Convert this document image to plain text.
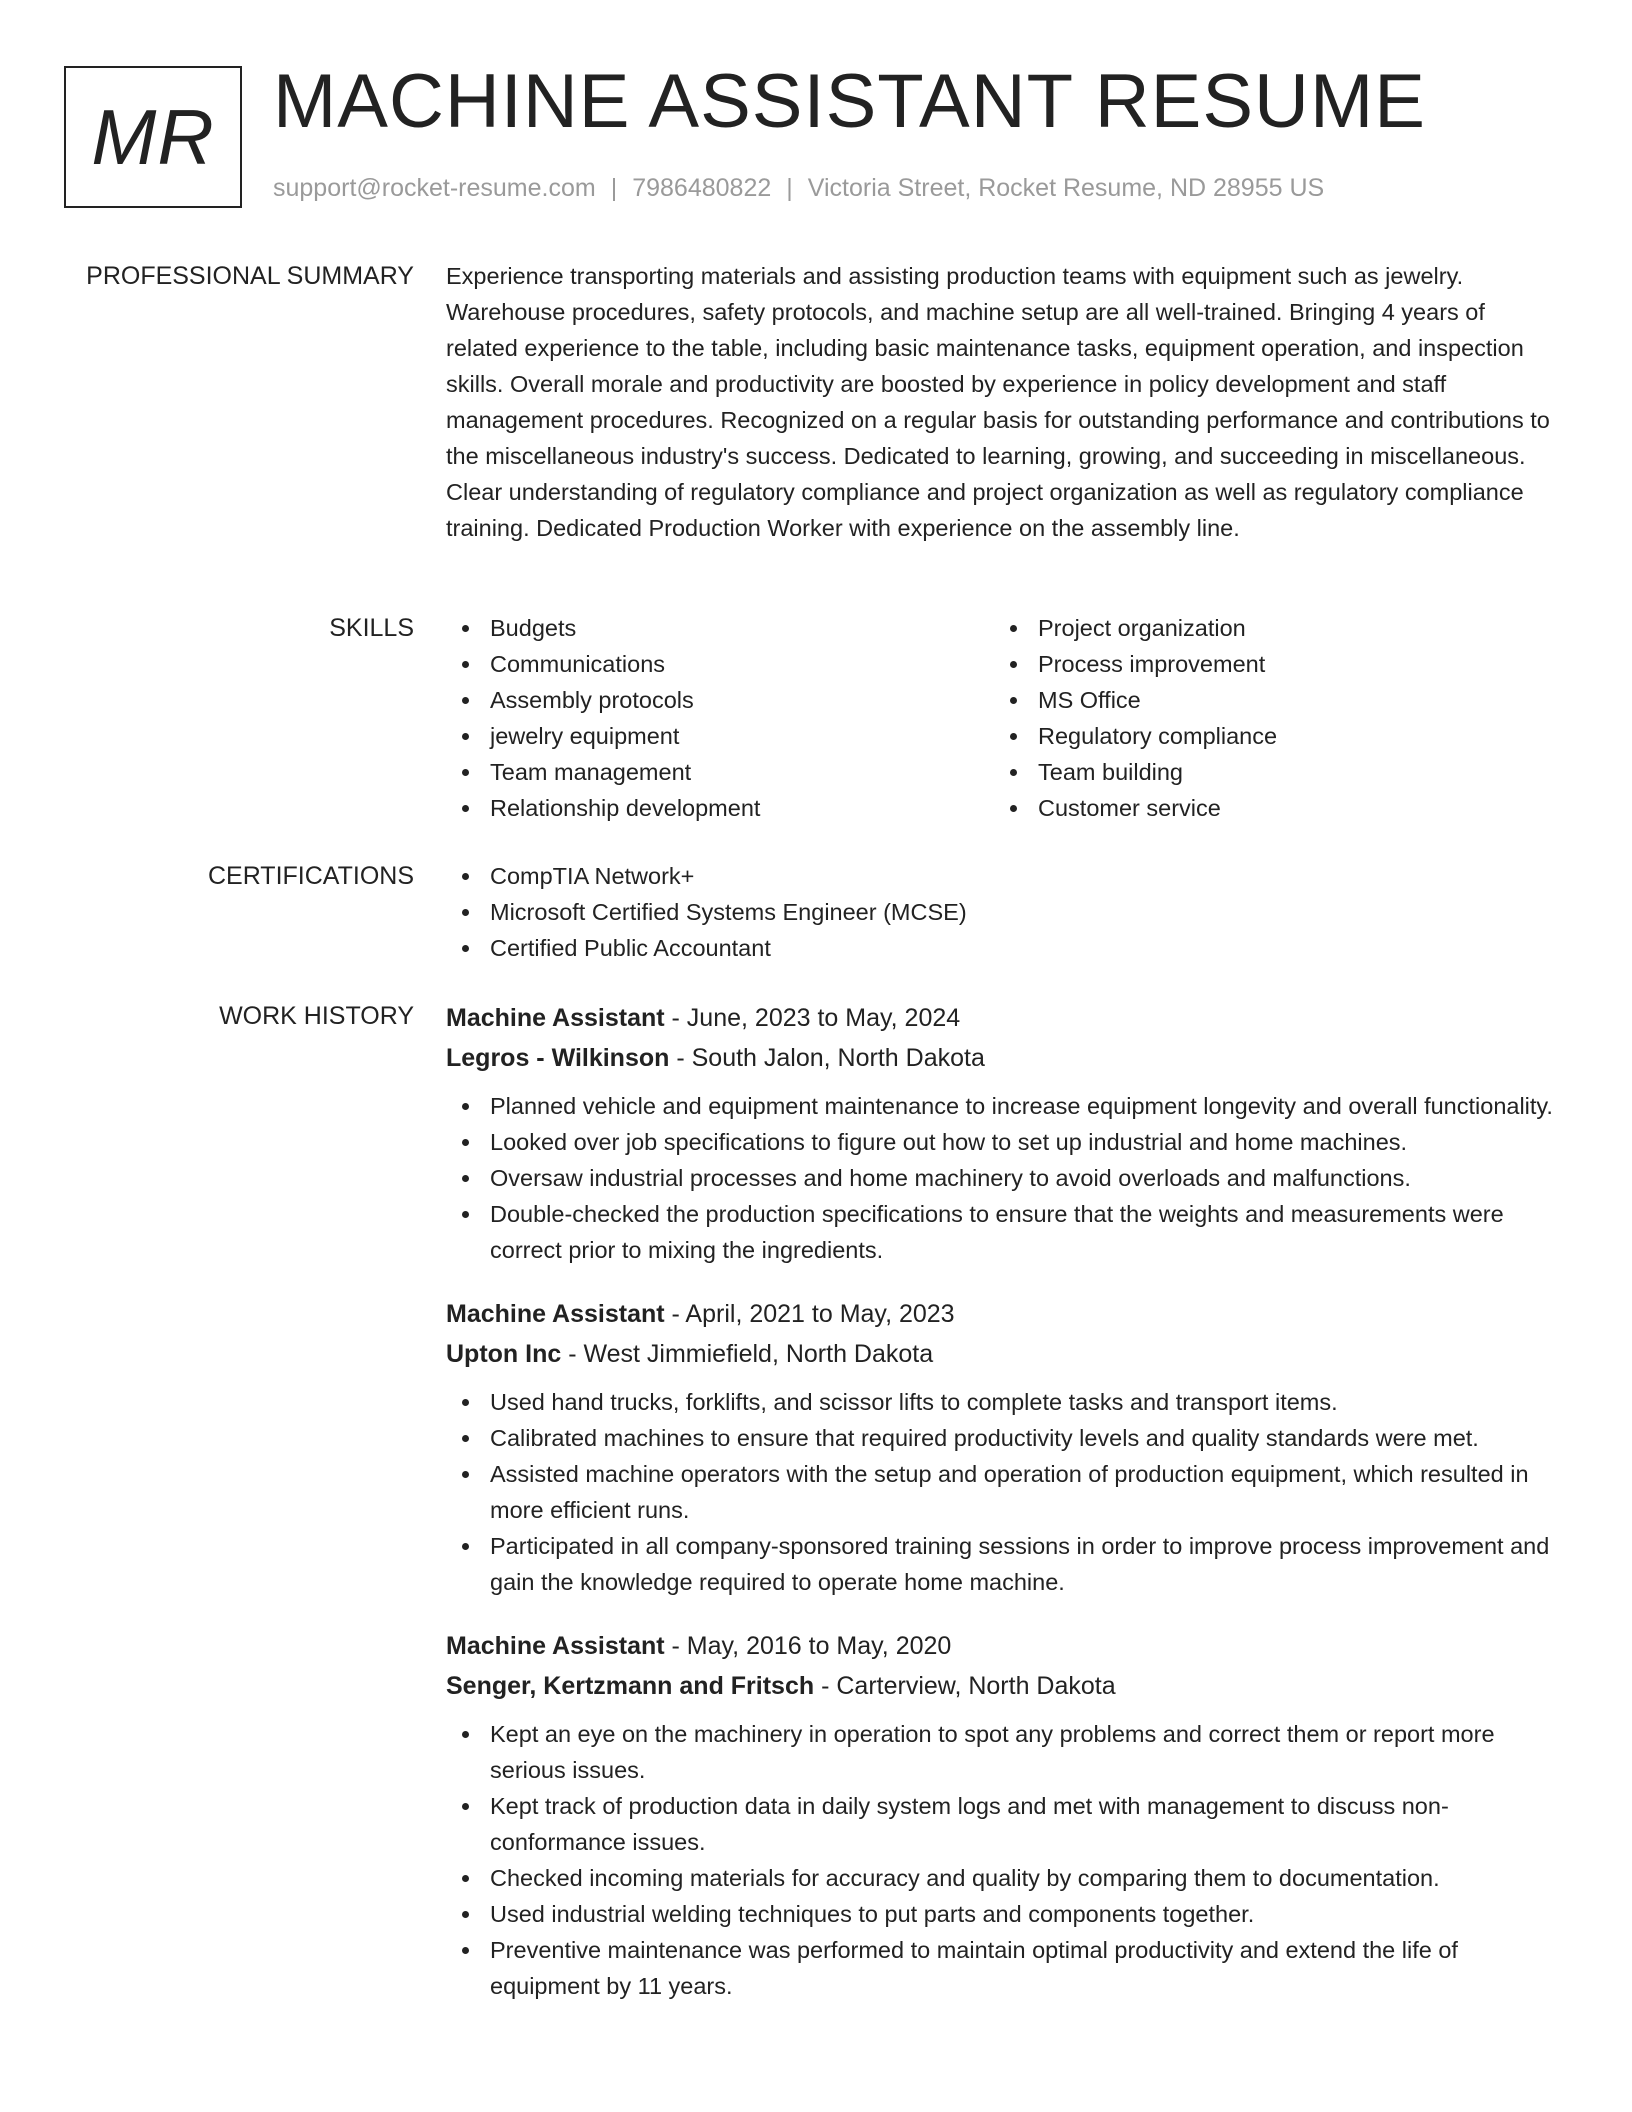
MR MACHINE ASSISTANT RESUME
support@rocket-resume.com | 7986480822 | Victoria Street, Rocket Resume, ND 28955 US
PROFESSIONAL SUMMARY Experience transporting materials and assisting production teams with equipment such as jewelry. Warehouse procedures, safety protocols, and machine setup are all well-trained. Bringing 4 years of related experience to the table, including basic maintenance tasks, equipment operation, and inspection skills. Overall morale and productivity are boosted by experience in policy development and staff management procedures. Recognized on a regular basis for outstanding performance and contributions to the miscellaneous industry's success. Dedicated to learning, growing, and succeeding in miscellaneous. Clear understanding of regulatory compliance and project organization as well as regulatory compliance training. Dedicated Production Worker with experience on the assembly line.

SKILLS	Budgets
Communications
Assembly protocols
jewelry equipment
Team management
Relationship development
Project organization
Process improvement
MS Office
Regulatory compliance
Team building
Customer service
CERTIFICATIONS	CompTIA Network+
Microsoft Certified Systems Engineer (MCSE)
Certified Public Accountant
WORK HISTORY Machine Assistant - June, 2023 to May, 2024
Legros - Wilkinson - South Jalon, North Dakota
Planned vehicle and equipment maintenance to increase equipment longevity and overall functionality.
Looked over job specifications to figure out how to set up industrial and home machines.
Oversaw industrial processes and home machinery to avoid overloads and malfunctions.
Double-checked the production specifications to ensure that the weights and measurements were correct prior to mixing the ingredients.
Machine Assistant - April, 2021 to May, 2023
Upton Inc - West Jimmiefield, North Dakota
Used hand trucks, forklifts, and scissor lifts to complete tasks and transport items.
Calibrated machines to ensure that required productivity levels and quality standards were met.
Assisted machine operators with the setup and operation of production equipment, which resulted in more efficient runs.
Participated in all company-sponsored training sessions in order to improve process improvement and gain the knowledge required to operate home machine.
Machine Assistant - May, 2016 to May, 2020
Senger, Kertzmann and Fritsch - Carterview, North Dakota
Kept an eye on the machinery in operation to spot any problems and correct them or report more serious issues.
Kept track of production data in daily system logs and met with management to discuss non-conformance issues.
Checked incoming materials for accuracy and quality by comparing them to documentation.
Used industrial welding techniques to put parts and components together.
Preventive maintenance was performed to maintain optimal productivity and extend the life of equipment by 11 years.
